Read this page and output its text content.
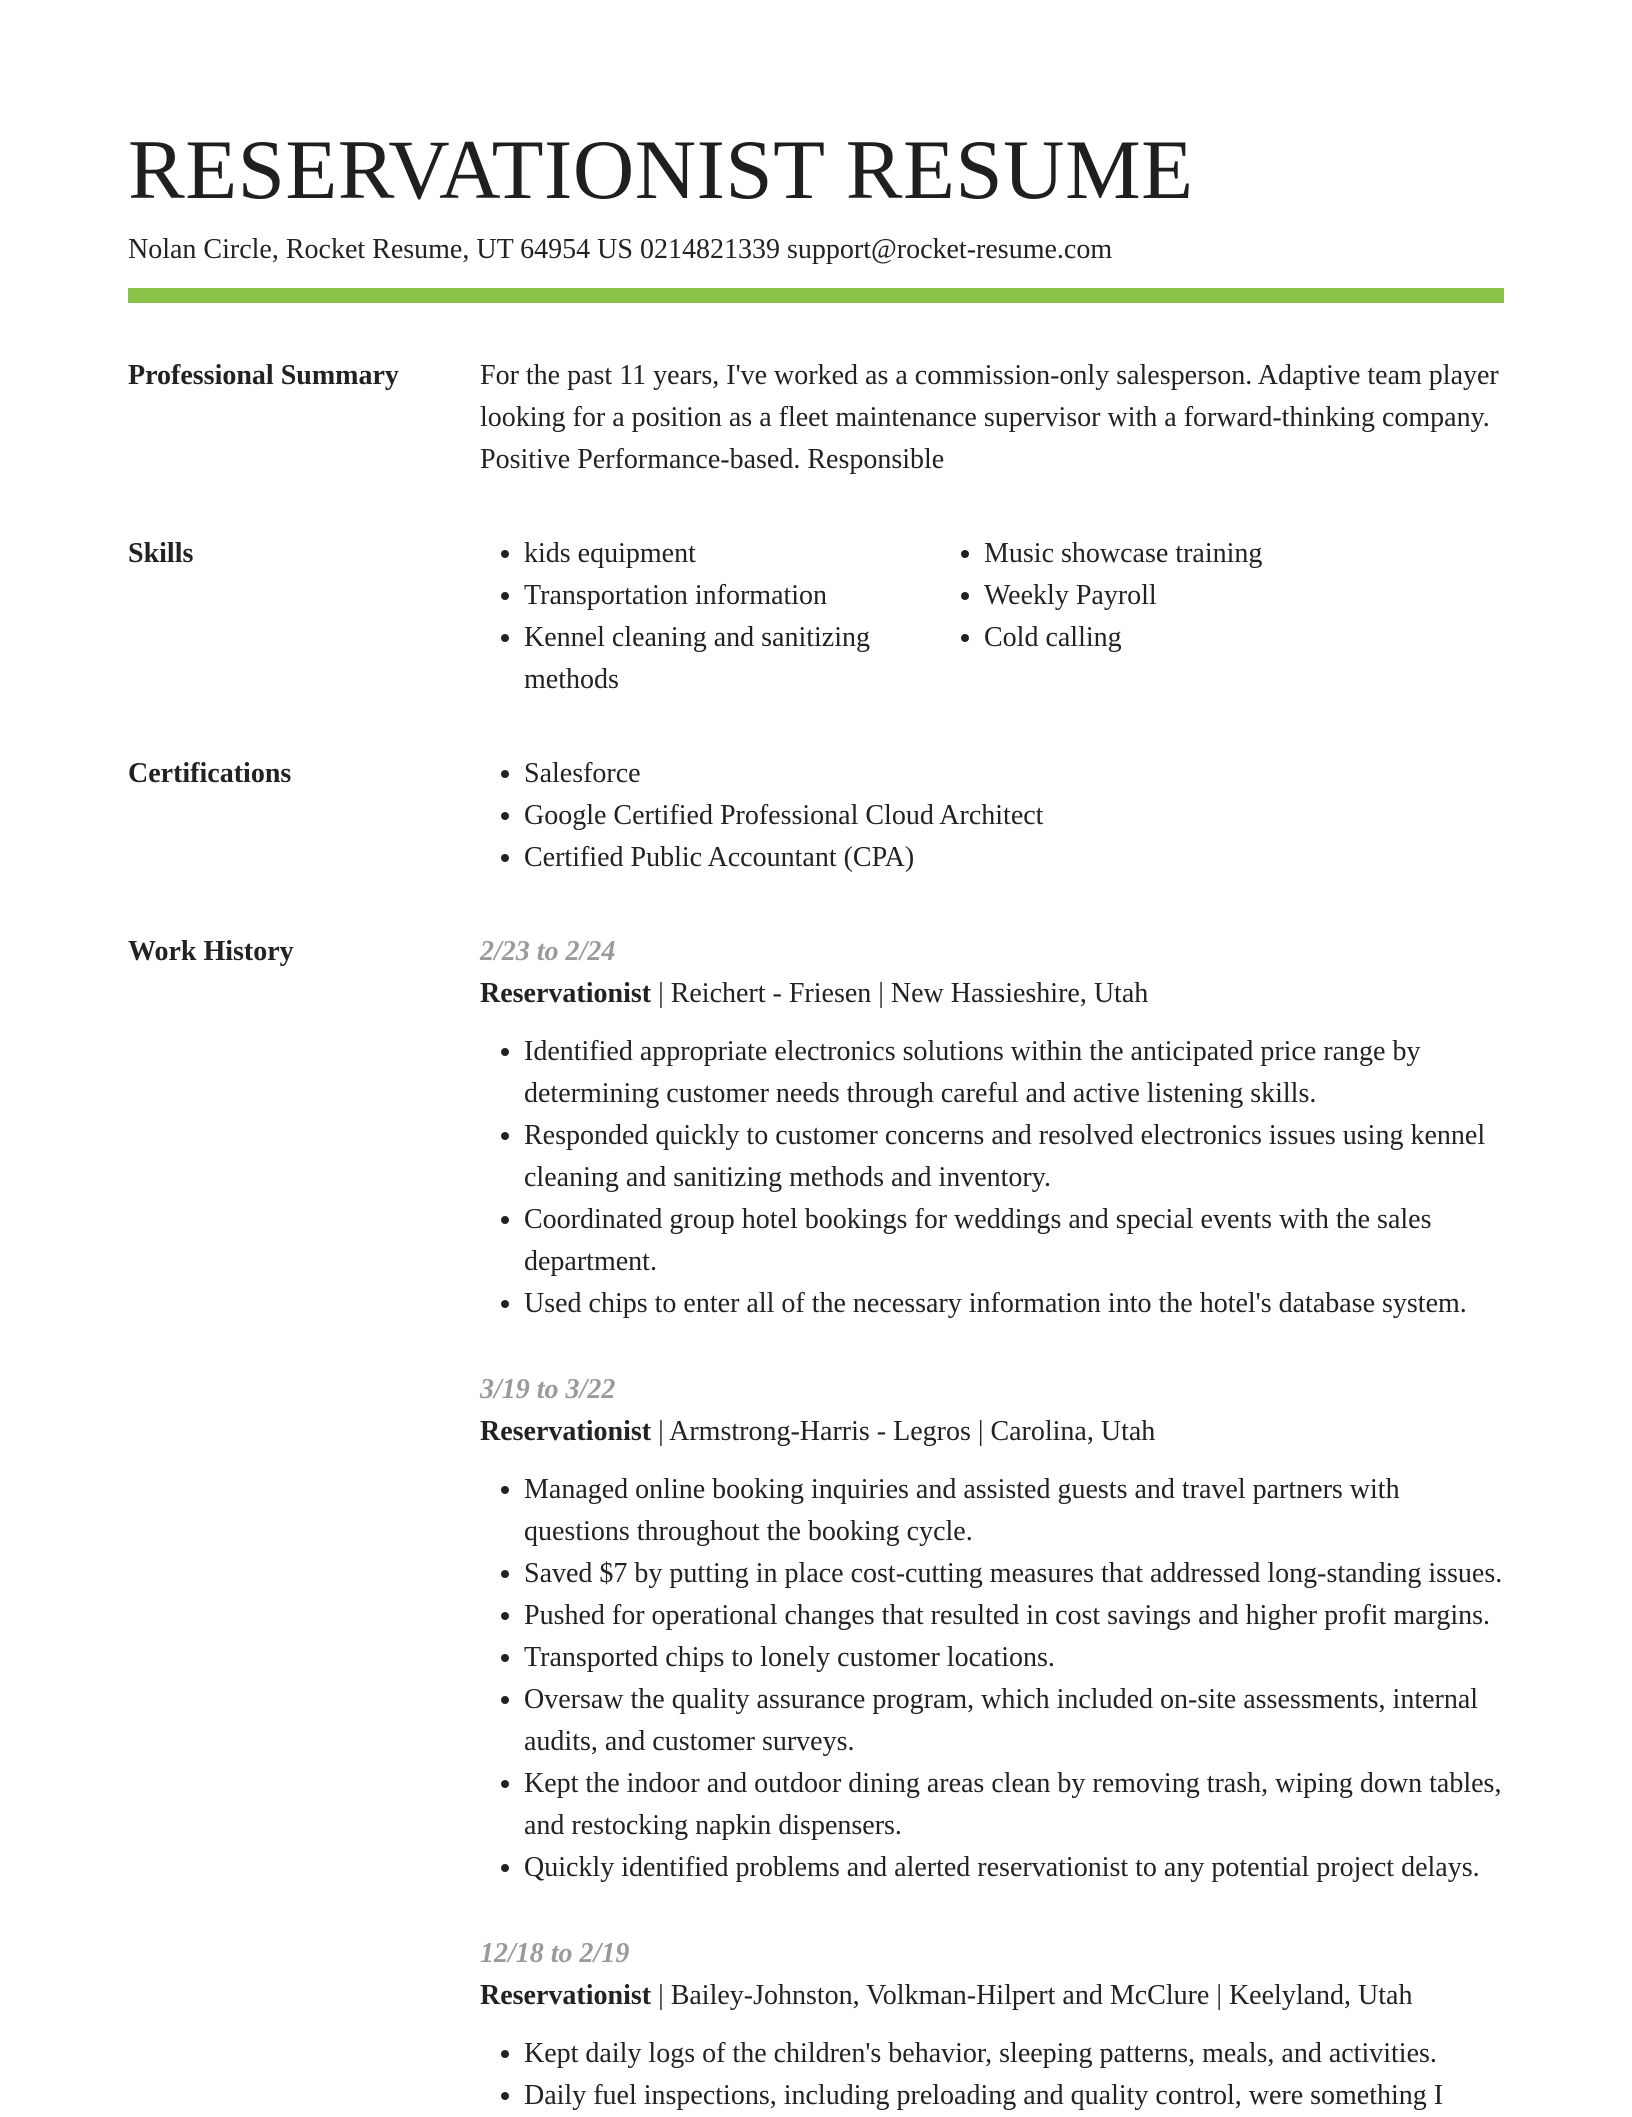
RESERVATIONIST RESUME
Nolan Circle, Rocket Resume, UT 64954 US 0214821339 support@rocket-resume.com
Professional Summary	For the past 11 years, I've worked as a commission-only salesperson. Adaptive team player looking for a position as a fleet maintenance supervisor with a forward-thinking company. Positive Performance-based. Responsible

Skills	• kids equipment
• Transportation information
• Kennel cleaning and sanitizing methods
• Music showcase training
• Weekly Payroll
• Cold calling
Certifications	• Salesforce
• Google Certified Professional Cloud Architect
• Certified Public Accountant (CPA)
Work History	2/23 to 2/24
Reservationist | Reichert - Friesen | New Hassieshire, Utah
• Identified appropriate electronics solutions within the anticipated price range by determining customer needs through careful and active listening skills.
• Responded quickly to customer concerns and resolved electronics issues using kennel cleaning and sanitizing methods and inventory.
• Coordinated group hotel bookings for weddings and special events with the sales department.
• Used chips to enter all of the necessary information into the hotel's database system.
3/19 to 3/22
Reservationist | Armstrong-Harris - Legros | Carolina, Utah
• Managed online booking inquiries and assisted guests and travel partners with questions throughout the booking cycle.
• Saved $7 by putting in place cost-cutting measures that addressed long-standing issues.
• Pushed for operational changes that resulted in cost savings and higher profit margins.
• Transported chips to lonely customer locations.
• Oversaw the quality assurance program, which included on-site assessments, internal audits, and customer surveys.
• Kept the indoor and outdoor dining areas clean by removing trash, wiping down tables, and restocking napkin dispensers.
• Quickly identified problems and alerted reservationist to any potential project delays.
12/18 to 2/19
Reservationist | Bailey-Johnston, Volkman-Hilpert and McClure | Keelyland, Utah
• Kept daily logs of the children's behavior, sleeping patterns, meals, and activities.
• Daily fuel inspections, including preloading and quality control, were something I
